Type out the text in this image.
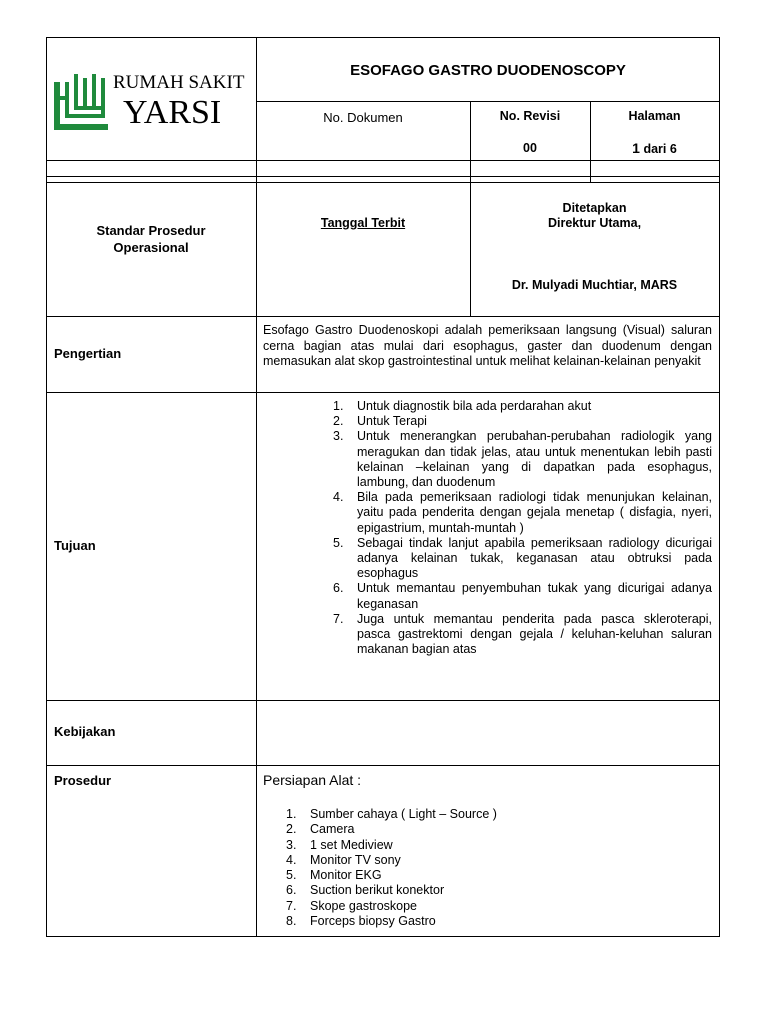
RUMAH SAKIT
YARSI
ESOFAGO GASTRO DUODENOSCOPY
No. Dokumen	No. Revisi
00
Halaman
1 dari 6
Standar Prosedur
Operasional
Tanggal Terbit
Ditetapkan
Direktur Utama,
Dr. Mulyadi Muchtiar, MARS
Pengertian
Esofago Gastro Duodenoskopi adalah pemeriksaan langsung (Visual) saluran cerna bagian atas mulai dari esophagus, gaster dan duodenum dengan memasukan alat skop gastrointestinal untuk melihat kelainan-kelainan penyakit
Tujuan
1. Untuk diagnostik bila ada perdarahan akut
2. Untuk Terapi
3. Untuk menerangkan perubahan-perubahan radiologik yang meragukan dan tidak jelas, atau untuk menentukan lebih pasti kelainan –kelainan yang di dapatkan pada esophagus, lambung, dan duodenum
4. Bila pada pemeriksaan radiologi tidak menunjukan kelainan, yaitu pada penderita dengan gejala menetap ( disfagia, nyeri, epigastrium, muntah-muntah )
5. Sebagai tindak lanjut apabila pemeriksaan radiology dicurigai adanya kelainan tukak, keganasan atau obtruksi pada esophagus
6. Untuk memantau penyembuhan tukak yang dicurigai adanya keganasan
7. Juga untuk memantau penderita pada pasca skleroterapi, pasca gastrektomi dengan gejala / keluhan-keluhan saluran makanan bagian atas
Kebijakan
Prosedur	Persiapan Alat :
1. Sumber cahaya ( Light – Source )
2. Camera
3. 1 set Mediview
4. Monitor TV sony
5. Monitor EKG
6. Suction berikut konektor
7. Skope gastroskope
8. Forceps biopsy Gastro
